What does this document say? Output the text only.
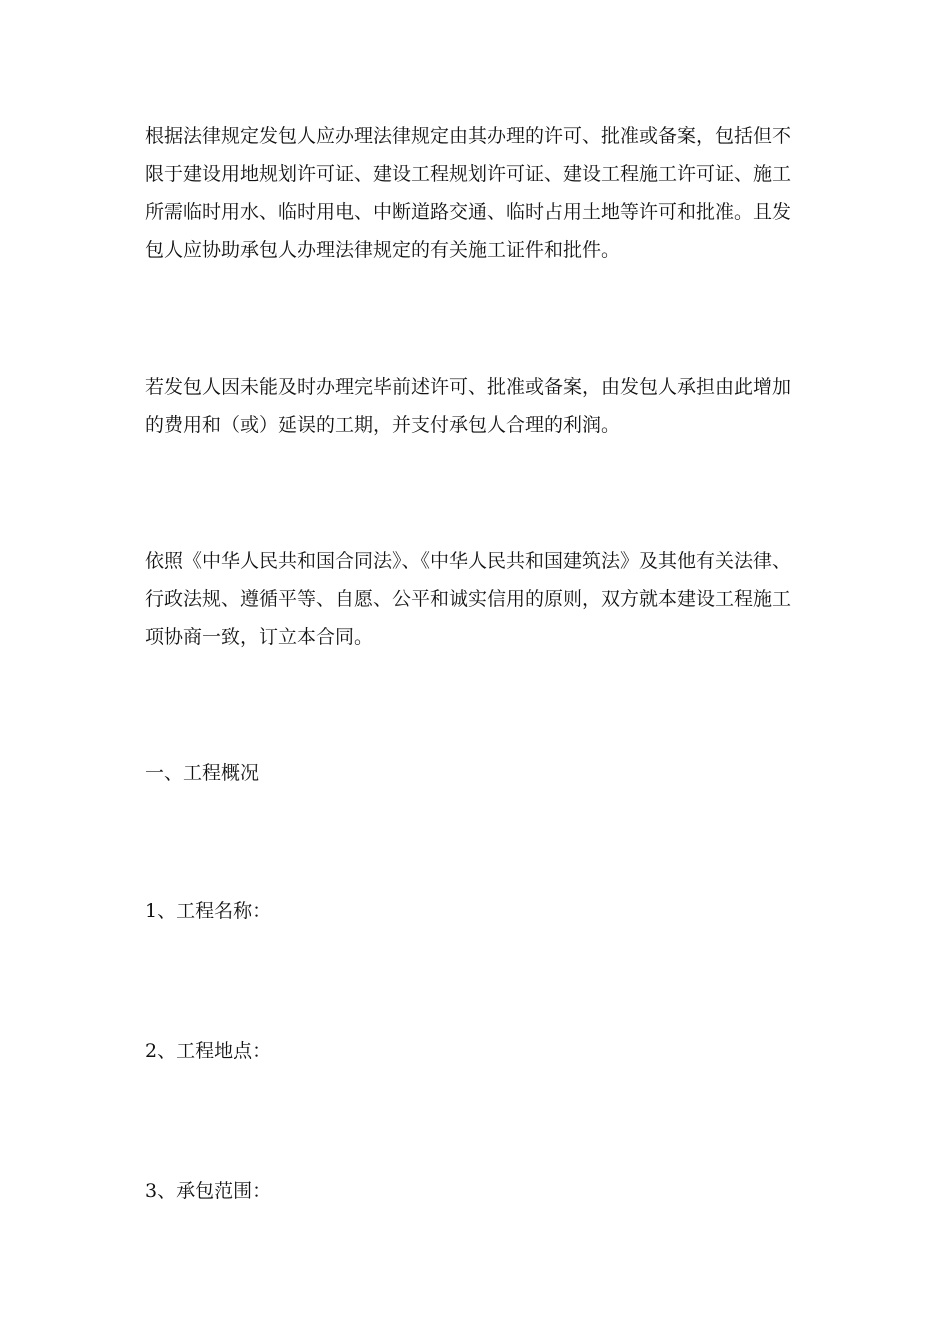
根据法律规定发包人应办理法律规定由其办理的许可、批准或备案，包括但不
限于建设用地规划许可证、建设工程规划许可证、建设工程施工许可证、施工
所需临时用水、临时用电、中断道路交通、临时占用土地等许可和批准。且发
包人应协助承包人办理法律规定的有关施工证件和批件。
若发包人因未能及时办理完毕前述许可、批准或备案，由发包人承担由此增加
的费用和（或）延误的工期，并支付承包人合理的利润。
依照《中华人民共和国合同法》、《中华人民共和国建筑法》及其他有关法律、
行政法规、遵循平等、自愿、公平和诚实信用的原则，双方就本建设工程施工
项协商一致，订立本合同。
一、工程概况
1、工程名称：
2、工程地点：
3、承包范围：
